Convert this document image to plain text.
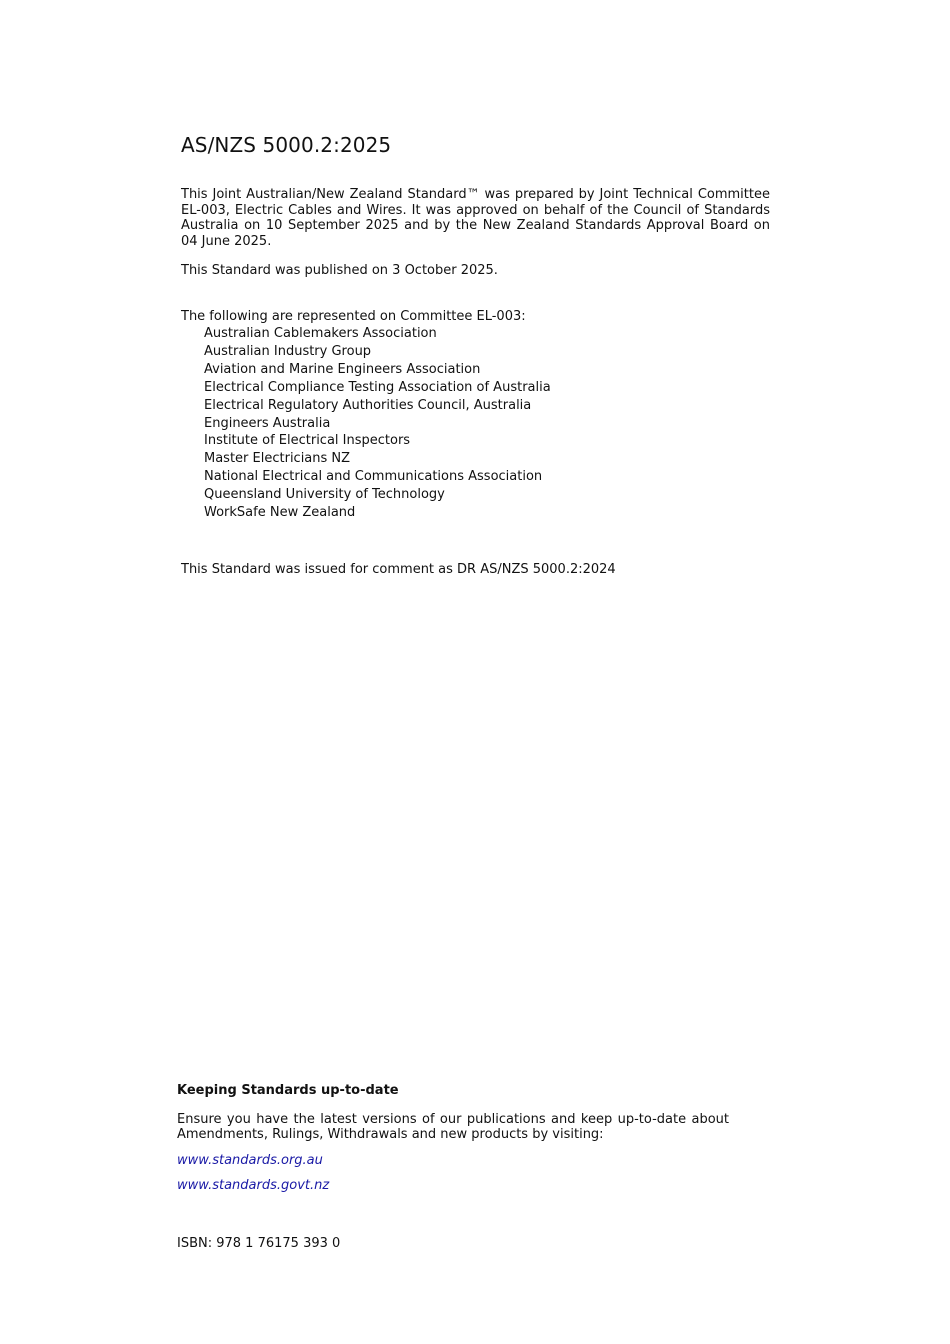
AS/NZS 5000.2:2025

This Joint Australian/New Zealand Standard™ was prepared by Joint Technical Committee EL-003, Electric Cables and Wires. It was approved on behalf of the Council of Standards Australia on 10 September 2025 and by the New Zealand Standards Approval Board on 04 June 2025.

This Standard was published on 3 October 2025.

The following are represented on Committee EL-003:
Australian Cablemakers Association
Australian Industry Group
Aviation and Marine Engineers Association
Electrical Compliance Testing Association of Australia
Electrical Regulatory Authorities Council, Australia
Engineers Australia
Institute of Electrical Inspectors
Master Electricians NZ
National Electrical and Communications Association
Queensland University of Technology
WorkSafe New Zealand
This Standard was issued for comment as DR AS/NZS 5000.2:2024
Keeping Standards up-to-date

Ensure you have the latest versions of our publications and keep up-to-date about Amendments, Rulings, Withdrawals and new products by visiting:

www.standards.org.au
www.standards.govt.nz
ISBN: 978 1 76175 393 0
